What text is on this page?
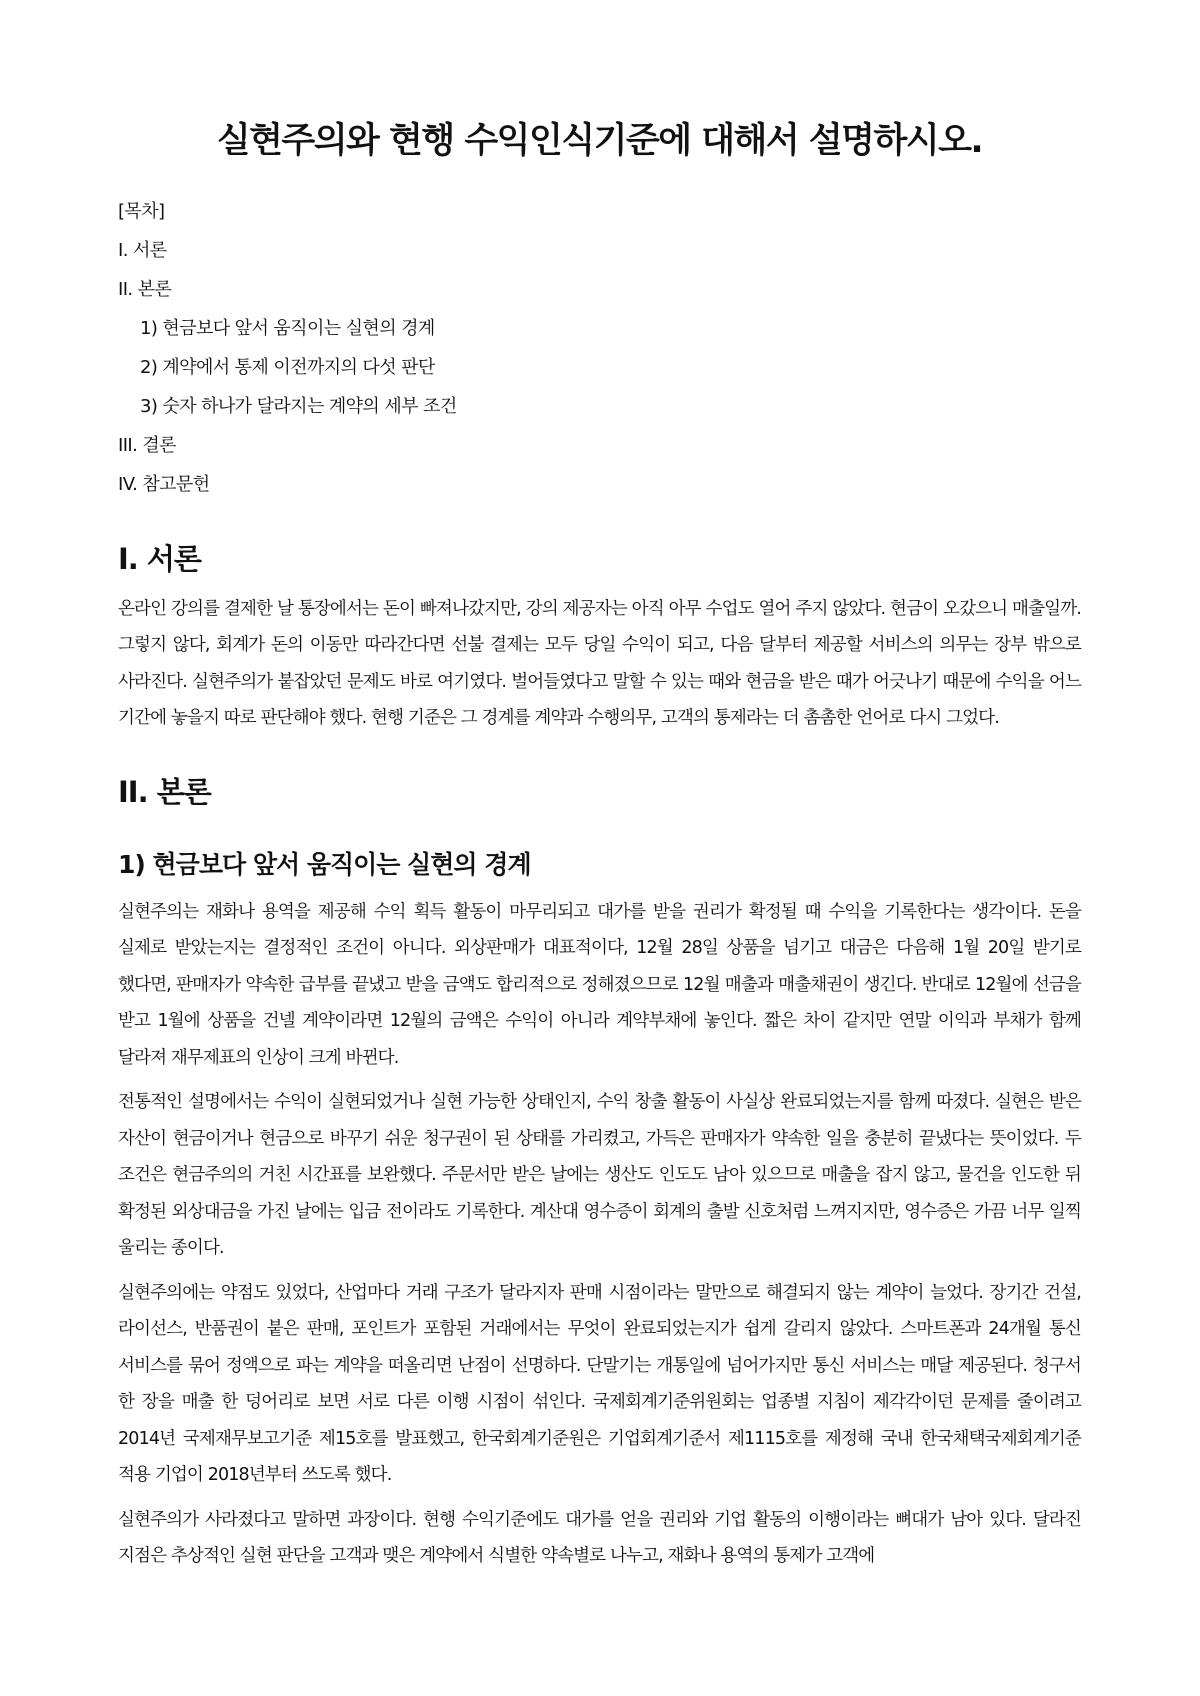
실현주의와 현행 수익인식기준에 대해서 설명하시오.
[목차]
I. 서론
II. 본론
1) 현금보다 앞서 움직이는 실현의 경계
2) 계약에서 통제 이전까지의 다섯 판단
3) 숫자 하나가 달라지는 계약의 세부 조건
III. 결론
IV. 참고문헌
I. 서론

온라인 강의를 결제한 날 통장에서는 돈이 빠져나갔지만, 강의 제공자는 아직 아무 수업도 열어 주지 않았다. 현금이 오갔으니 매출일까. 그렇지 않다, 회계가 돈의 이동만 따라간다면 선불 결제는 모두 당일 수익이 되고, 다음 달부터 제공할 서비스의 의무는 장부 밖으로 사라진다. 실현주의가 붙잡았던 문제도 바로 여기였다. 벌어들였다고 말할 수 있는 때와 현금을 받은 때가 어긋나기 때문에 수익을 어느 기간에 놓을지 따로 판단해야 했다. 현행 기준은 그 경계를 계약과 수행의무, 고객의 통제라는 더 촘촘한 언어로 다시 그었다.

II. 본론
1) 현금보다 앞서 움직이는 실현의 경계

실현주의는 재화나 용역을 제공해 수익 획득 활동이 마무리되고 대가를 받을 권리가 확정될 때 수익을 기록한다는 생각이다. 돈을 실제로 받았는지는 결정적인 조건이 아니다. 외상판매가 대표적이다, 12월 28일 상품을 넘기고 대금은 다음해 1월 20일 받기로 했다면, 판매자가 약속한 급부를 끝냈고 받을 금액도 합리적으로 정해졌으므로 12월 매출과 매출채권이 생긴다. 반대로 12월에 선금을 받고 1월에 상품을 건넬 계약이라면 12월의 금액은 수익이 아니라 계약부채에 놓인다. 짧은 차이 같지만 연말 이익과 부채가 함께 달라져 재무제표의 인상이 크게 바뀐다.

전통적인 설명에서는 수익이 실현되었거나 실현 가능한 상태인지, 수익 창출 활동이 사실상 완료되었는지를 함께 따졌다. 실현은 받은 자산이 현금이거나 현금으로 바꾸기 쉬운 청구권이 된 상태를 가리켰고, 가득은 판매자가 약속한 일을 충분히 끝냈다는 뜻이었다. 두 조건은 현금주의의 거친 시간표를 보완했다. 주문서만 받은 날에는 생산도 인도도 남아 있으므로 매출을 잡지 않고, 물건을 인도한 뒤 확정된 외상대금을 가진 날에는 입금 전이라도 기록한다. 계산대 영수증이 회계의 출발 신호처럼 느껴지지만, 영수증은 가끔 너무 일찍 울리는 종이다.

실현주의에는 약점도 있었다, 산업마다 거래 구조가 달라지자 판매 시점이라는 말만으로 해결되지 않는 계약이 늘었다. 장기간 건설, 라이선스, 반품권이 붙은 판매, 포인트가 포함된 거래에서는 무엇이 완료되었는지가 쉽게 갈리지 않았다. 스마트폰과 24개월 통신 서비스를 묶어 정액으로 파는 계약을 떠올리면 난점이 선명하다. 단말기는 개통일에 넘어가지만 통신 서비스는 매달 제공된다. 청구서 한 장을 매출 한 덩어리로 보면 서로 다른 이행 시점이 섞인다. 국제회계기준위원회는 업종별 지침이 제각각이던 문제를 줄이려고 2014년 국제재무보고기준 제15호를 발표했고, 한국회계기준원은 기업회계기준서 제1115호를 제정해 국내 한국채택국제회계기준 적용 기업이 2018년부터 쓰도록 했다.

실현주의가 사라졌다고 말하면 과장이다. 현행 수익기준에도 대가를 얻을 권리와 기업 활동의 이행이라는 뼈대가 남아 있다. 달라진 지점은 추상적인 실현 판단을 고객과 맺은 계약에서 식별한 약속별로 나누고, 재화나 용역의 통제가 고객에
